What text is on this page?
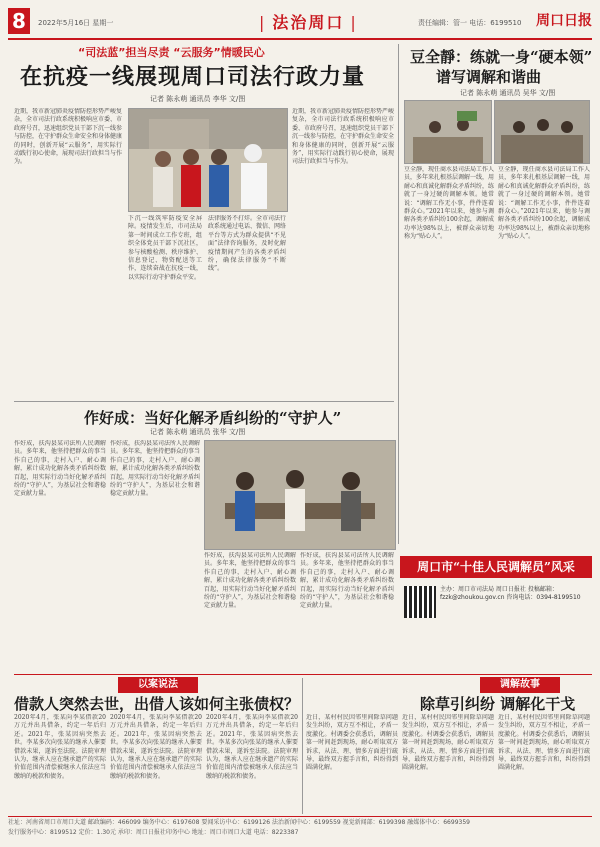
8	2022年5月16日 星期一
|	法治周口 |	责任编辑：管一 电话：6199510 周口日报
“司法蓝”担当尽责 “云服务”情暖民心
在抗疫一线展现周口司法行政力量
记者 陈永萌 通讯员 李华 文/图
近期，我市新冠肺炎疫情防控形势严峻复杂，全市司法行政系统积极响应市委、市政府号召，迅速组织党员干部下沉一线参与防控，在守护群众生命安全和身体健康的同时，创新开展“云服务”，用实际行动践行初心使命，展现司法行政担当与作为。
下沉一线筑牢防疫安全屏障。疫情发生后，市司法局第一时间成立工作专班，组织全体党员干部下沉社区，参与核酸检测、秩序维护、信息登记、物资配送等工作，连续奋战在抗疫一线，以实际行动守护群众平安。
法律服务不打烊。全市司法行政系统通过电话、微信、网络平台等方式为群众提供“不见面”法律咨询服务，及时化解疫情期间产生的各类矛盾纠纷，确保法律服务“不断线”。
近期，我市新冠肺炎疫情防控形势严峻复杂，全市司法行政系统积极响应市委、市政府号召，迅速组织党员干部下沉一线参与防控，在守护群众生命安全和身体健康的同时，创新开展“云服务”，用实际行动践行初心使命，展现司法行政担当与作为。
豆全靜：练就一身“硬本领”
谱写调解和谐曲
记者 陈永萌 通讯员 吴华 文/图
豆全靜，现任商水县司法局工作人员，多年来扎根基层调解一线，用耐心和真诚化解群众矛盾纠纷，练就了一身过硬的调解本领。她常说：“调解工作无小事，件件连着群众心。”2021年以来，她参与调解各类矛盾纠纷100余起，调解成功率达98%以上，被群众亲切地称为“贴心人”。
豆全靜，现任商水县司法局工作人员，多年来扎根基层调解一线，用耐心和真诚化解群众矛盾纠纷，练就了一身过硬的调解本领。她常说：“调解工作无小事，件件连着群众心。”2021年以来，她参与调解各类矛盾纠纷100余起，调解成功率达98%以上，被群众亲切地称为“贴心人”。
作好成：当好化解矛盾纠纷的“守护人”
记者 陈永萌 通讯员 张华 文/图
作好成，扶沟县某司法所人民调解员。多年来，他坚持把群众的事当作自己的事，走村入户、耐心调解，累计成功化解各类矛盾纠纷数百起，用实际行动当好化解矛盾纠纷的“守护人”，为基层社会和谐稳定贡献力量。
作好成，扶沟县某司法所人民调解员。多年来，他坚持把群众的事当作自己的事，走村入户、耐心调解，累计成功化解各类矛盾纠纷数百起，用实际行动当好化解矛盾纠纷的“守护人”，为基层社会和谐稳定贡献力量。
作好成，扶沟县某司法所人民调解员。多年来，他坚持把群众的事当作自己的事，走村入户、耐心调解，累计成功化解各类矛盾纠纷数百起，用实际行动当好化解矛盾纠纷的“守护人”，为基层社会和谐稳定贡献力量。
作好成，扶沟县某司法所人民调解员。多年来，他坚持把群众的事当作自己的事，走村入户、耐心调解，累计成功化解各类矛盾纠纷数百起，用实际行动当好化解矛盾纠纷的“守护人”，为基层社会和谐稳定贡献力量。
周口市“十佳人民调解员”风采
主办：周口市司法局 周口日报社 投稿邮箱：fzzk@zhoukou.gov.cn 咨询电话：0394-8199510
以案说法
借款人突然去世，出借人该如何主张债权？
2020年4月，张某向李某借款20万元并出具借条，约定一年后归还。2021年，张某因病突然去世。李某多次向张某的继承人催要借款未果，遂诉至法院。法院审理认为，继承人应在继承遗产的实际价值范围内清偿被继承人依法应当缴纳的税款和债务。
2020年4月，张某向李某借款20万元并出具借条，约定一年后归还。2021年，张某因病突然去世。李某多次向张某的继承人催要借款未果，遂诉至法院。法院审理认为，继承人应在继承遗产的实际价值范围内清偿被继承人依法应当缴纳的税款和债务。
2020年4月，张某向李某借款20万元并出具借条，约定一年后归还。2021年，张某因病突然去世。李某多次向张某的继承人催要借款未果，遂诉至法院。法院审理认为，继承人应在继承遗产的实际价值范围内清偿被继承人依法应当缴纳的税款和债务。
调解故事
除草引纠纷 调解化干戈
近日，某村村民因邻里间除草问题发生纠纷，双方互不相让，矛盾一度激化。村调委会获悉后，调解员第一时间赶到现场，耐心听取双方诉求，从法、理、情多方面进行疏导，最终双方握手言和，纠纷得到圆满化解。
近日，某村村民因邻里间除草问题发生纠纷，双方互不相让，矛盾一度激化。村调委会获悉后，调解员第一时间赶到现场，耐心听取双方诉求，从法、理、情多方面进行疏导，最终双方握手言和，纠纷得到圆满化解。
近日，某村村民因邻里间除草问题发生纠纷，双方互不相让，矛盾一度激化。村调委会获悉后，调解员第一时间赶到现场，耐心听取双方诉求，从法、理、情多方面进行疏导，最终双方握手言和，纠纷得到圆满化解。
社址：河南省周口市周口大道 邮政编码：466099 编务中心：6197608 要闻采访中心：6199126 法治新闻中心：6199559 视觉新闻部：6199398 融媒体中心：6699359
发行服务中心：8199512 定价：1.30元 承印：周口日报社印务中心 地址：周口市周口大道 电话：8223387
